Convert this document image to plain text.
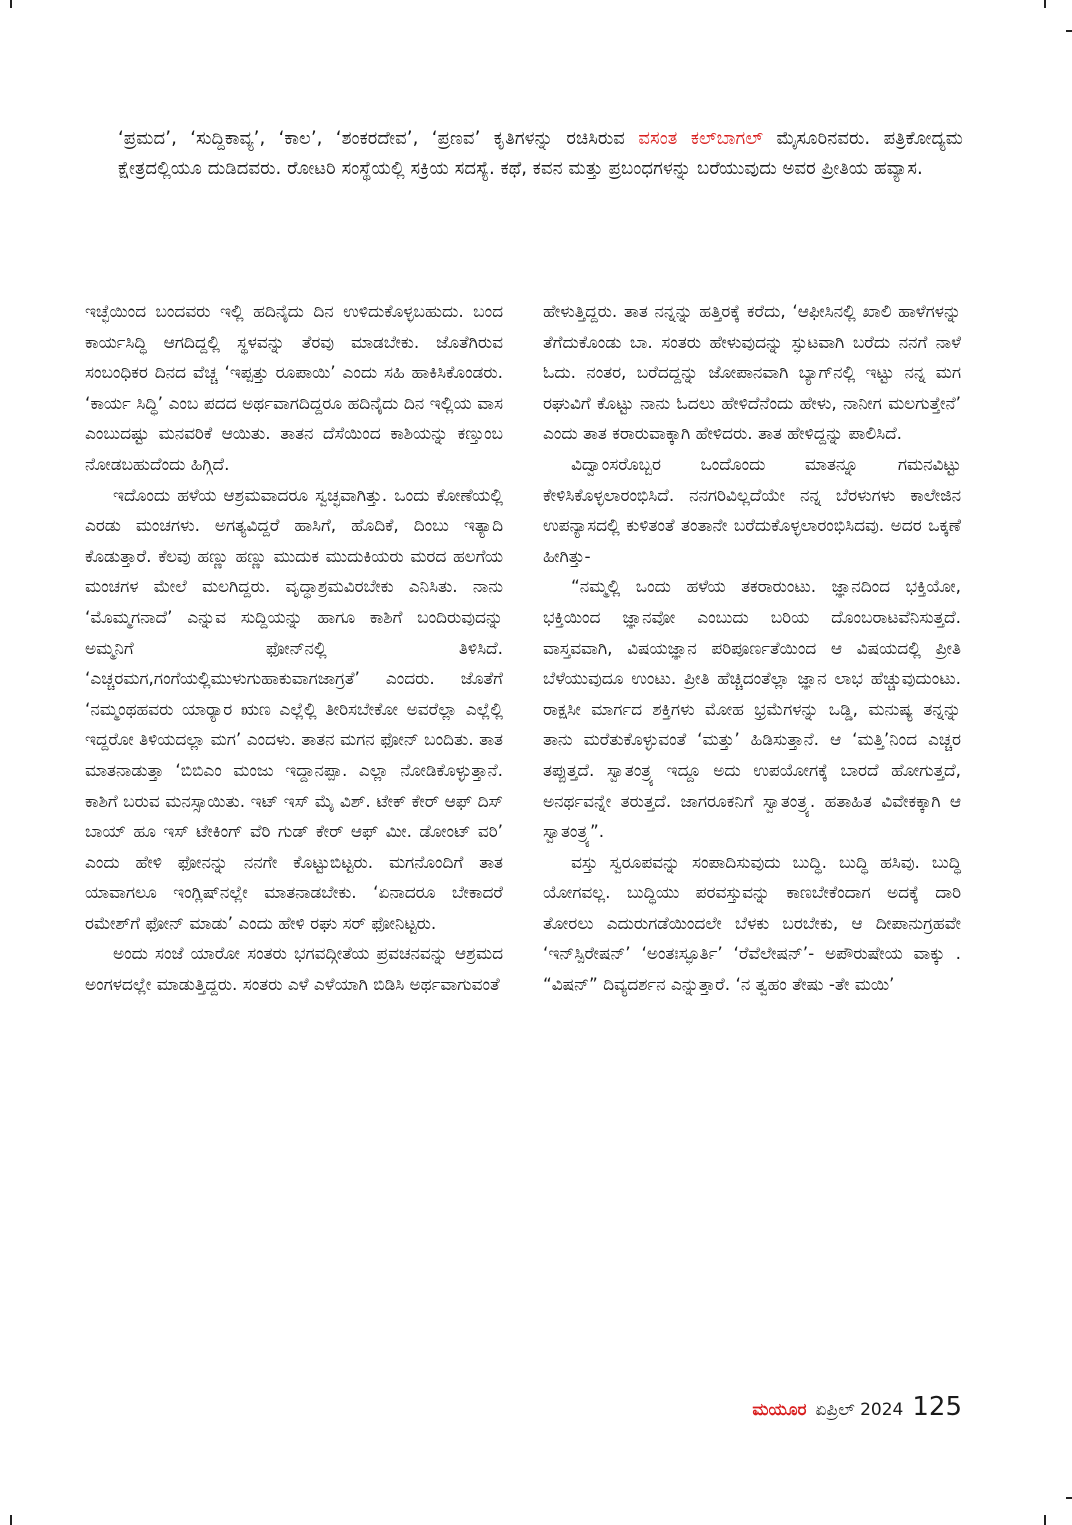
‘ಪ್ರಮದ’, ‘ಸುದ್ದಿಕಾವ್ಯ’, ‘ಕಾಲ’, ‘ಶಂಕರದೇವ’, ‘ಪ್ರಣವ’ ಕೃತಿಗಳನ್ನು ರಚಿಸಿರುವ ವಸಂತ ಕಲ್‌ಬಾಗಲ್ ಮೈಸೂರಿನವರು. ಪತ್ರಿಕೋದ್ಯಮ ಕ್ಷೇತ್ರದಲ್ಲಿಯೂ ದುಡಿದವರು. ರೋಟರಿ ಸಂಸ್ಥೆಯಲ್ಲಿ ಸಕ್ರಿಯ ಸದಸ್ಯೆ. ಕಥೆ, ಕವನ ಮತ್ತು ಪ್ರಬಂಧಗಳನ್ನು ಬರೆಯುವುದು ಅವರ ಪ್ರೀತಿಯ ಹವ್ಯಾಸ.

ಇಚ್ಛೆಯಿಂದ ಬಂದವರು ಇಲ್ಲಿ ಹದಿನೈದು ದಿನ ಉಳಿದುಕೊಳ್ಳಬಹುದು. ಬಂದ ಕಾರ್ಯಸಿದ್ಧಿ ಆಗದಿದ್ದಲ್ಲಿ ಸ್ಥಳವನ್ನು ತೆರವು ಮಾಡಬೇಕು. ಜೊತೆಗಿರುವ ಸಂಬಂಧಿಕರ ದಿನದ ವೆಚ್ಚ ‘ಇಪ್ಪತ್ತು ರೂಪಾಯಿ’ ಎಂದು ಸಹಿ ಹಾಕಿಸಿಕೊಂಡರು. ‘ಕಾರ್ಯ ಸಿದ್ಧಿ’ ಎಂಬ ಪದದ ಅರ್ಥವಾಗದಿದ್ದರೂ ಹದಿನೈದು ದಿನ ಇಲ್ಲಿಯ ವಾಸ ಎಂಬುದಷ್ಟು ಮನವರಿಕೆ ಆಯಿತು. ತಾತನ ದೆಸೆಯಿಂದ ಕಾಶಿಯನ್ನು ಕಣ್ತುಂಬ ನೋಡಬಹುದೆಂದು ಹಿಗ್ಗಿದೆ.

ಇದೊಂದು ಹಳೆಯ ಆಶ್ರಮವಾದರೂ ಸ್ವಚ್ಛವಾಗಿತ್ತು. ಒಂದು ಕೋಣೆಯಲ್ಲಿ ಎರಡು ಮಂಚಗಳು. ಅಗತ್ಯವಿದ್ದರೆ ಹಾಸಿಗೆ, ಹೊದಿಕೆ, ದಿಂಬು ಇತ್ಯಾದಿ ಕೊಡುತ್ತಾರೆ. ಕೆಲವು ಹಣ್ಣು ಹಣ್ಣು ಮುದುಕ ಮುದುಕಿಯರು ಮರದ ಹಲಗೆಯ ಮಂಚಗಳ ಮೇಲೆ ಮಲಗಿದ್ದರು. ವೃದ್ಧಾಶ್ರಮವಿರಬೇಕು ಎನಿಸಿತು. ನಾನು ‘ಮೊಮ್ಮಗನಾದೆ’ ಎನ್ನುವ ಸುದ್ದಿಯನ್ನು ಹಾಗೂ ಕಾಶಿಗೆ ಬಂದಿರುವುದನ್ನು ಅಮ್ಮನಿಗೆ ಫೋನ್‌ನಲ್ಲಿ ತಿಳಿಸಿದೆ. ‘ಎಚ್ಚರಮಗ,ಗಂಗೆಯಲ್ಲಿಮುಳುಗುಹಾಕುವಾಗಜಾಗ್ರತೆ’ ಎಂದರು. ಜೊತೆಗೆ ‘ನಮ್ಮಂಥಹವರು ಯಾರ್‍ಯಾರ ಋಣ ಎಲ್ಲೆಲ್ಲಿ ತೀರಿಸಬೇಕೋ ಅವರೆಲ್ಲಾ ಎಲ್ಲೆಲ್ಲಿ ಇದ್ದರೋ ತಿಳಿಯದಲ್ಲಾ ಮಗ’ ಎಂದಳು. ತಾತನ ಮಗನ ಫೋನ್ ಬಂದಿತು. ತಾತ ಮಾತನಾಡುತ್ತಾ ‘ಬಿಬಿಎಂ ಮಂಜು ಇದ್ದಾನಪ್ಪಾ. ಎಲ್ಲಾ ನೋಡಿಕೊಳ್ಳುತ್ತಾನೆ. ಕಾಶಿಗೆ ಬರುವ ಮನಸ್ಸಾಯಿತು. ಇಟ್ ಇಸ್ ಮೈ ವಿಶ್. ಟೇಕ್ ಕೇರ್ ಆಫ್ ದಿಸ್ ಬಾಯ್ ಹೂ ಇಸ್ ಟೇಕಿಂಗ್ ವೆರಿ ಗುಡ್ ಕೇರ್ ಆಫ್ ಮೀ. ಡೋಂಟ್ ವರಿ’ ಎಂದು ಹೇಳಿ ಫೋನನ್ನು ನನಗೇ ಕೊಟ್ಟುಬಿಟ್ಟರು. ಮಗನೊಂದಿಗೆ ತಾತ ಯಾವಾಗಲೂ ಇಂಗ್ಲಿಷ್‌ನಲ್ಲೇ ಮಾತನಾಡಬೇಕು. ‘ಏನಾದರೂ ಬೇಕಾದರೆ ರಮೇಶ್‌ಗೆ ಫೋನ್ ಮಾಡು’ ಎಂದು ಹೇಳಿ ರಘು ಸರ್ ಫೋನಿಟ್ಟರು.

ಅಂದು ಸಂಜೆ ಯಾರೋ ಸಂತರು ಭಗವದ್ಗೀತೆಯ ಪ್ರವಚನವನ್ನು ಆಶ್ರಮದ ಅಂಗಳದಲ್ಲೇ ಮಾಡುತ್ತಿದ್ದರು. ಸಂತರು ಎಳೆ ಎಳೆಯಾಗಿ ಬಿಡಿಸಿ ಅರ್ಥವಾಗುವಂತೆ

ಹೇಳುತ್ತಿದ್ದರು. ತಾತ ನನ್ನನ್ನು ಹತ್ತಿರಕ್ಕೆ ಕರೆದು, ‘ಆಫೀಸಿನಲ್ಲಿ ಖಾಲಿ ಹಾಳೆಗಳನ್ನು ತೆಗೆದುಕೊಂಡು ಬಾ. ಸಂತರು ಹೇಳುವುದನ್ನು ಸ್ಫುಟವಾಗಿ ಬರೆದು ನನಗೆ ನಾಳೆ ಓದು. ನಂತರ, ಬರೆದದ್ದನ್ನು ಜೋಪಾನವಾಗಿ ಬ್ಯಾಗ್‌ನಲ್ಲಿ ಇಟ್ಟು ನನ್ನ ಮಗ ರಘುವಿಗೆ ಕೊಟ್ಟು ನಾನು ಓದಲು ಹೇಳಿದೆನೆಂದು ಹೇಳು, ನಾನೀಗ ಮಲಗುತ್ತೇನೆ’ ಎಂದು ತಾತ ಕರಾರುವಾಕ್ಕಾಗಿ ಹೇಳಿದರು. ತಾತ ಹೇಳಿದ್ದನ್ನು ಪಾಲಿಸಿದೆ.

ವಿದ್ವಾಂಸರೊಬ್ಬರ ಒಂದೊಂದು ಮಾತನ್ನೂ ಗಮನವಿಟ್ಟು ಕೇಳಿಸಿಕೊಳ್ಳಲಾರಂಭಿಸಿದೆ. ನನಗರಿವಿಲ್ಲದೆಯೇ ನನ್ನ ಬೆರಳುಗಳು ಕಾಲೇಜಿನ ಉಪನ್ಯಾಸದಲ್ಲಿ ಕುಳಿತಂತೆ ತಂತಾನೇ ಬರೆದುಕೊಳ್ಳಲಾರಂಭಿಸಿದವು. ಅದರ ಒಕ್ಕಣೆ ಹೀಗಿತ್ತು-

“ನಮ್ಮಲ್ಲಿ ಒಂದು ಹಳೆಯ ತಕರಾರುಂಟು. ಜ್ಞಾನದಿಂದ ಭಕ್ತಿಯೋ, ಭಕ್ತಿಯಿಂದ ಜ್ಞಾನವೋ ಎಂಬುದು ಬರಿಯ ದೊಂಬರಾಟವೆನಿಸುತ್ತದೆ. ವಾಸ್ತವವಾಗಿ, ವಿಷಯಜ್ಞಾನ ಪರಿಪೂರ್ಣತೆಯಿಂದ ಆ ವಿಷಯದಲ್ಲಿ ಪ್ರೀತಿ ಬೆಳೆಯುವುದೂ ಉಂಟು. ಪ್ರೀತಿ ಹೆಚ್ಚಿದಂತೆಲ್ಲಾ ಜ್ಞಾನ ಲಾಭ ಹೆಚ್ಚುವುದುಂಟು. ರಾಕ್ಷಸೀ ಮಾರ್ಗದ ಶಕ್ತಿಗಳು ಮೋಹ ಭ್ರಮೆಗಳನ್ನು ಒಡ್ಡಿ, ಮನುಷ್ಯ ತನ್ನನ್ನು ತಾನು ಮರೆತುಕೊಳ್ಳುವಂತೆ ‘ಮತ್ತು’ ಹಿಡಿಸುತ್ತಾನೆ. ಆ ‘ಮತ್ತಿ’ನಿಂದ ಎಚ್ಚರ ತಪ್ಪುತ್ತದೆ. ಸ್ವಾತಂತ್ರ್ಯ ಇದ್ದೂ ಅದು ಉಪಯೋಗಕ್ಕೆ ಬಾರದೆ ಹೋಗುತ್ತದೆ, ಅನರ್ಥವನ್ನೇ ತರುತ್ತದೆ. ಜಾಗರೂಕನಿಗೆ ಸ್ವಾತಂತ್ರ್ಯ. ಹತಾಹಿತ ವಿವೇಕಕ್ಕಾಗಿ ಆ ಸ್ವಾತಂತ್ರ್ಯ”.

ವಸ್ತು ಸ್ವರೂಪವನ್ನು ಸಂಪಾದಿಸುವುದು ಬುದ್ಧಿ. ಬುದ್ಧಿ ಹಸಿವು. ಬುದ್ಧಿ ಯೋಗವಲ್ಲ. ಬುದ್ಧಿಯು ಪರವಸ್ತುವನ್ನು ಕಾಣಬೇಕೆಂದಾಗ ಅದಕ್ಕೆ ದಾರಿ ತೋರಲು ಎದುರುಗಡೆಯಿಂದಲೇ ಬೆಳಕು ಬರಬೇಕು, ಆ ದೀಪಾನುಗ್ರಹವೇ ‘ಇನ್‌ಸ್ಪಿರೇಷನ್’ ‘ಅಂತಃಸ್ಫೂರ್ತಿ’ ‘ರೆವೆಲೇಷನ್’- ಅಪೌರುಷೇಯ ವಾಕ್ಕು . “ವಿಷನ್” ದಿವ್ಯದರ್ಶನ ಎನ್ನುತ್ತಾರೆ. ‘ನ ತ್ವಹಂ ತೇಷು -ತೇ ಮಯಿ’

ಮಯೂರ ಏಪ್ರಿಲ್ 2024 125
